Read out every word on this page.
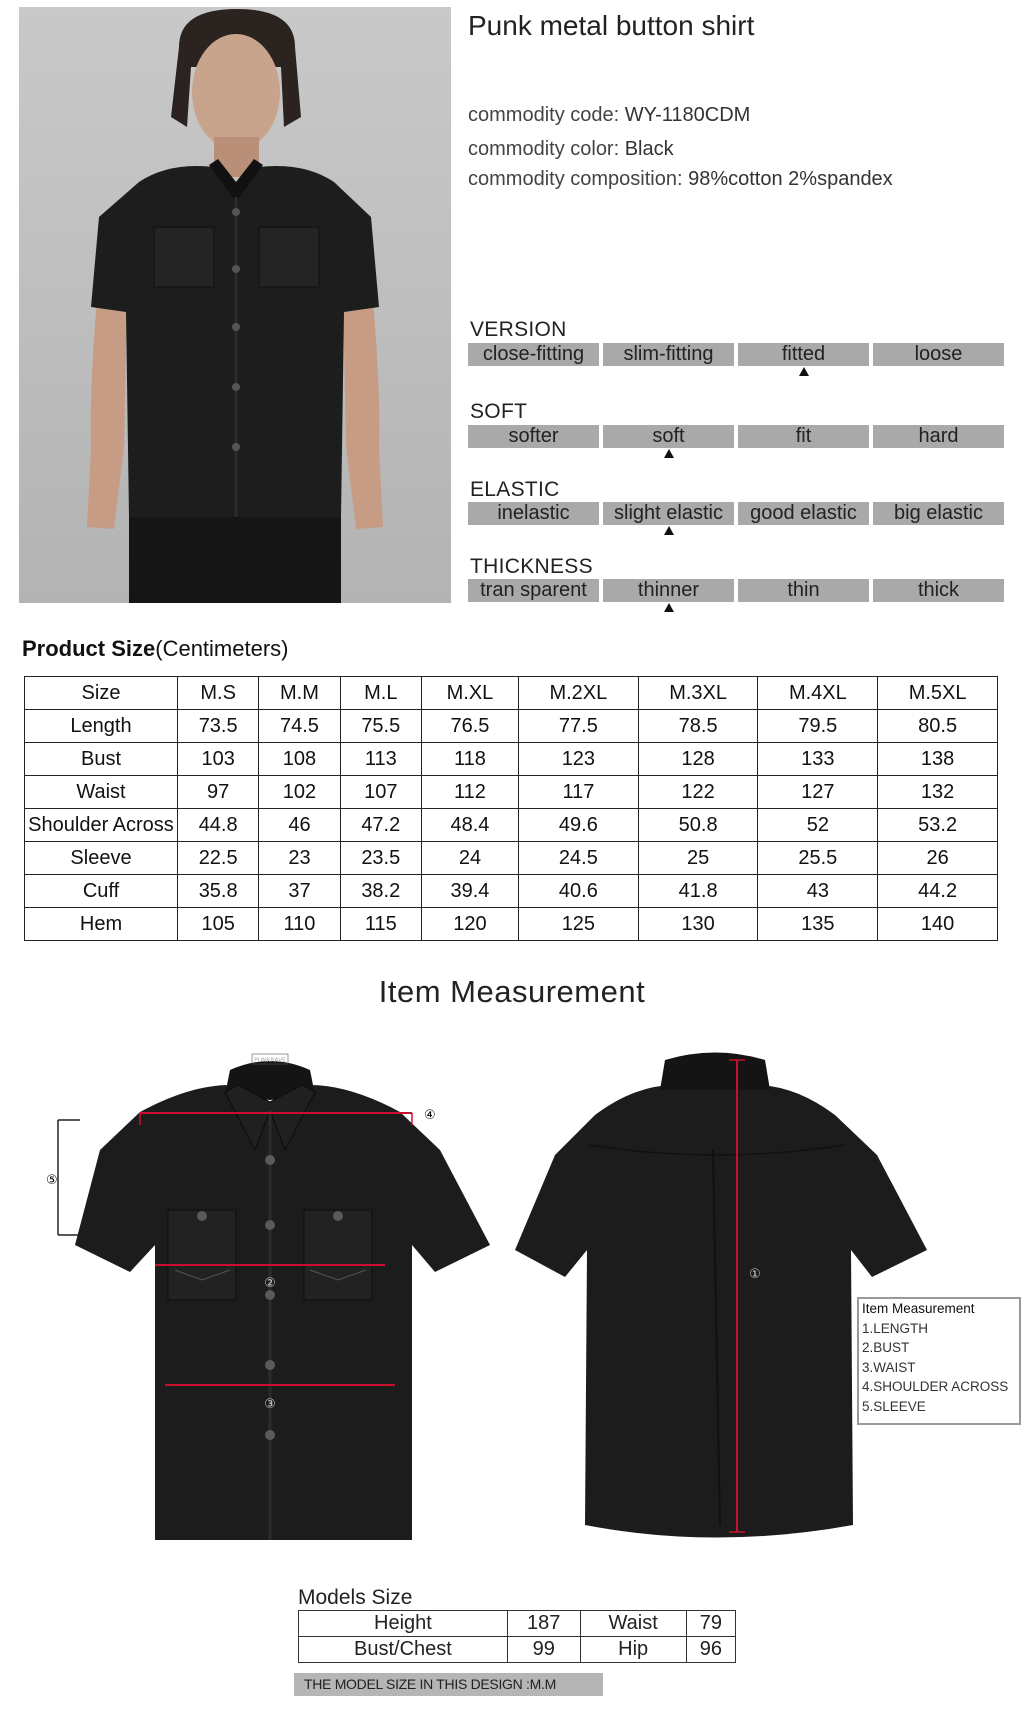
Punk metal button shirt
commodity code: WY-1180CDM
commodity color: Black
commodity composition: 98%cotton 2%spandex
VERSION
close-fitting	slim-fitting	fitted	loose
SOFT
softer	soft	fit	hard
ELASTIC
inelastic	slight elastic	good elastic	big elastic
THICKNESS
tran sparent	thinner	thin	thick
Product Size(Centimeters)
Size	M.S	M.M	M.L	M.XL	M.2XL	M.3XL	M.4XL	M.5XL
Length	73.5	74.5	75.5	76.5	77.5	78.5	79.5	80.5
Bust	103	108	113	118	123	128	133	138
Waist	97	102	107	112	117	122	127	132
Shoulder Across	44.8	46	47.2	48.4	49.6	50.8	52	53.2
Sleeve	22.5	23	23.5	24	24.5	25	25.5	26
Cuff	35.8	37	38.2	39.4	40.6	41.8	43	44.2
Hem	105	110	115	120	125	130	135	140
Item Measurement
PUNKRAVE
④
⑤
②
③
①
Item Measurement
1.LENGTH
2.BUST
3.WAIST
4.SHOULDER ACROSS
5.SLEEVE
Models Size
Height	187	Waist	79
Bust/Chest	99	Hip	96
THE MODEL SIZE IN THIS DESIGN :M.M
